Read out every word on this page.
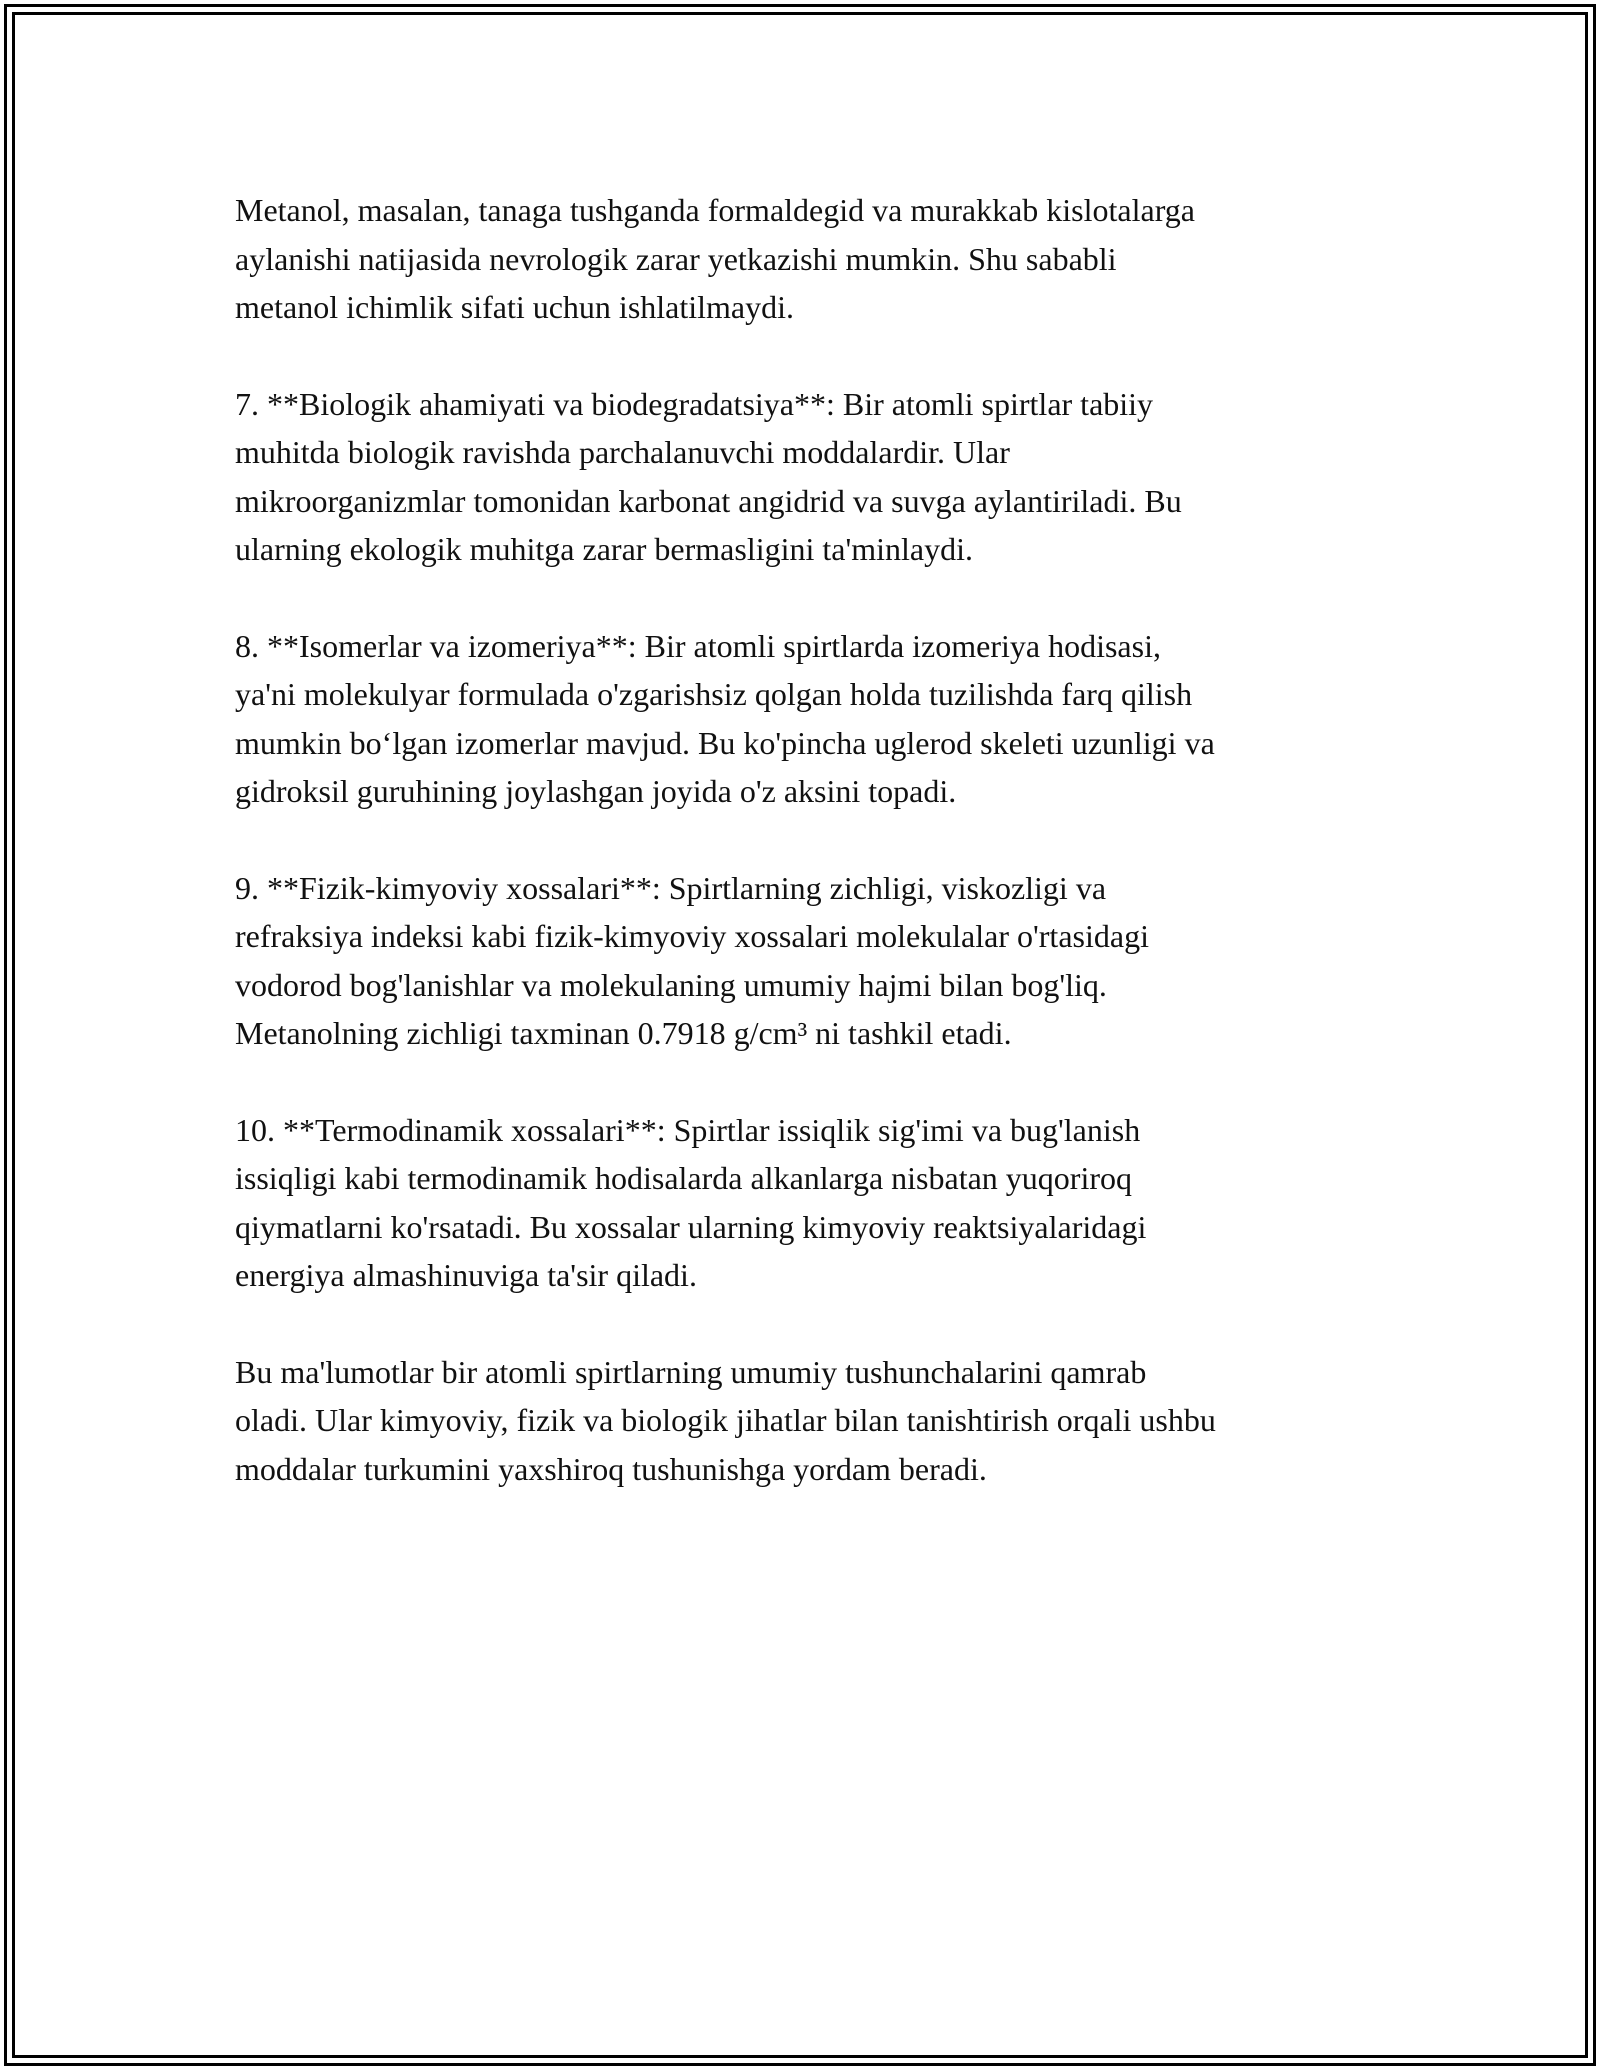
Metanol, masalan, tanaga tushganda formaldegid va murakkab kislotalarga
aylanishi natijasida nevrologik zarar yetkazishi mumkin. Shu sababli
metanol ichimlik sifati uchun ishlatilmaydi.

7. **Biologik ahamiyati va biodegradatsiya**: Bir atomli spirtlar tabiiy
muhitda biologik ravishda parchalanuvchi moddalardir. Ular
mikroorganizmlar tomonidan karbonat angidrid va suvga aylantiriladi. Bu
ularning ekologik muhitga zarar bermasligini ta'minlaydi.

8. **Isomerlar va izomeriya**: Bir atomli spirtlarda izomeriya hodisasi,
ya'ni molekulyar formulada o'zgarishsiz qolgan holda tuzilishda farq qilish
mumkin bo‘lgan izomerlar mavjud. Bu ko'pincha uglerod skeleti uzunligi va
gidroksil guruhining joylashgan joyida o'z aksini topadi.

9. **Fizik-kimyoviy xossalari**: Spirtlarning zichligi, viskozligi va
refraksiya indeksi kabi fizik-kimyoviy xossalari molekulalar o'rtasidagi
vodorod bog'lanishlar va molekulaning umumiy hajmi bilan bog'liq.
Metanolning zichligi taxminan 0.7918 g/cm³ ni tashkil etadi.

10. **Termodinamik xossalari**: Spirtlar issiqlik sig'imi va bug'lanish
issiqligi kabi termodinamik hodisalarda alkanlarga nisbatan yuqoriroq
qiymatlarni ko'rsatadi. Bu xossalar ularning kimyoviy reaktsiyalaridagi
energiya almashinuviga ta'sir qiladi.

Bu ma'lumotlar bir atomli spirtlarning umumiy tushunchalarini qamrab
oladi. Ular kimyoviy, fizik va biologik jihatlar bilan tanishtirish orqali ushbu
moddalar turkumini yaxshiroq tushunishga yordam beradi.
